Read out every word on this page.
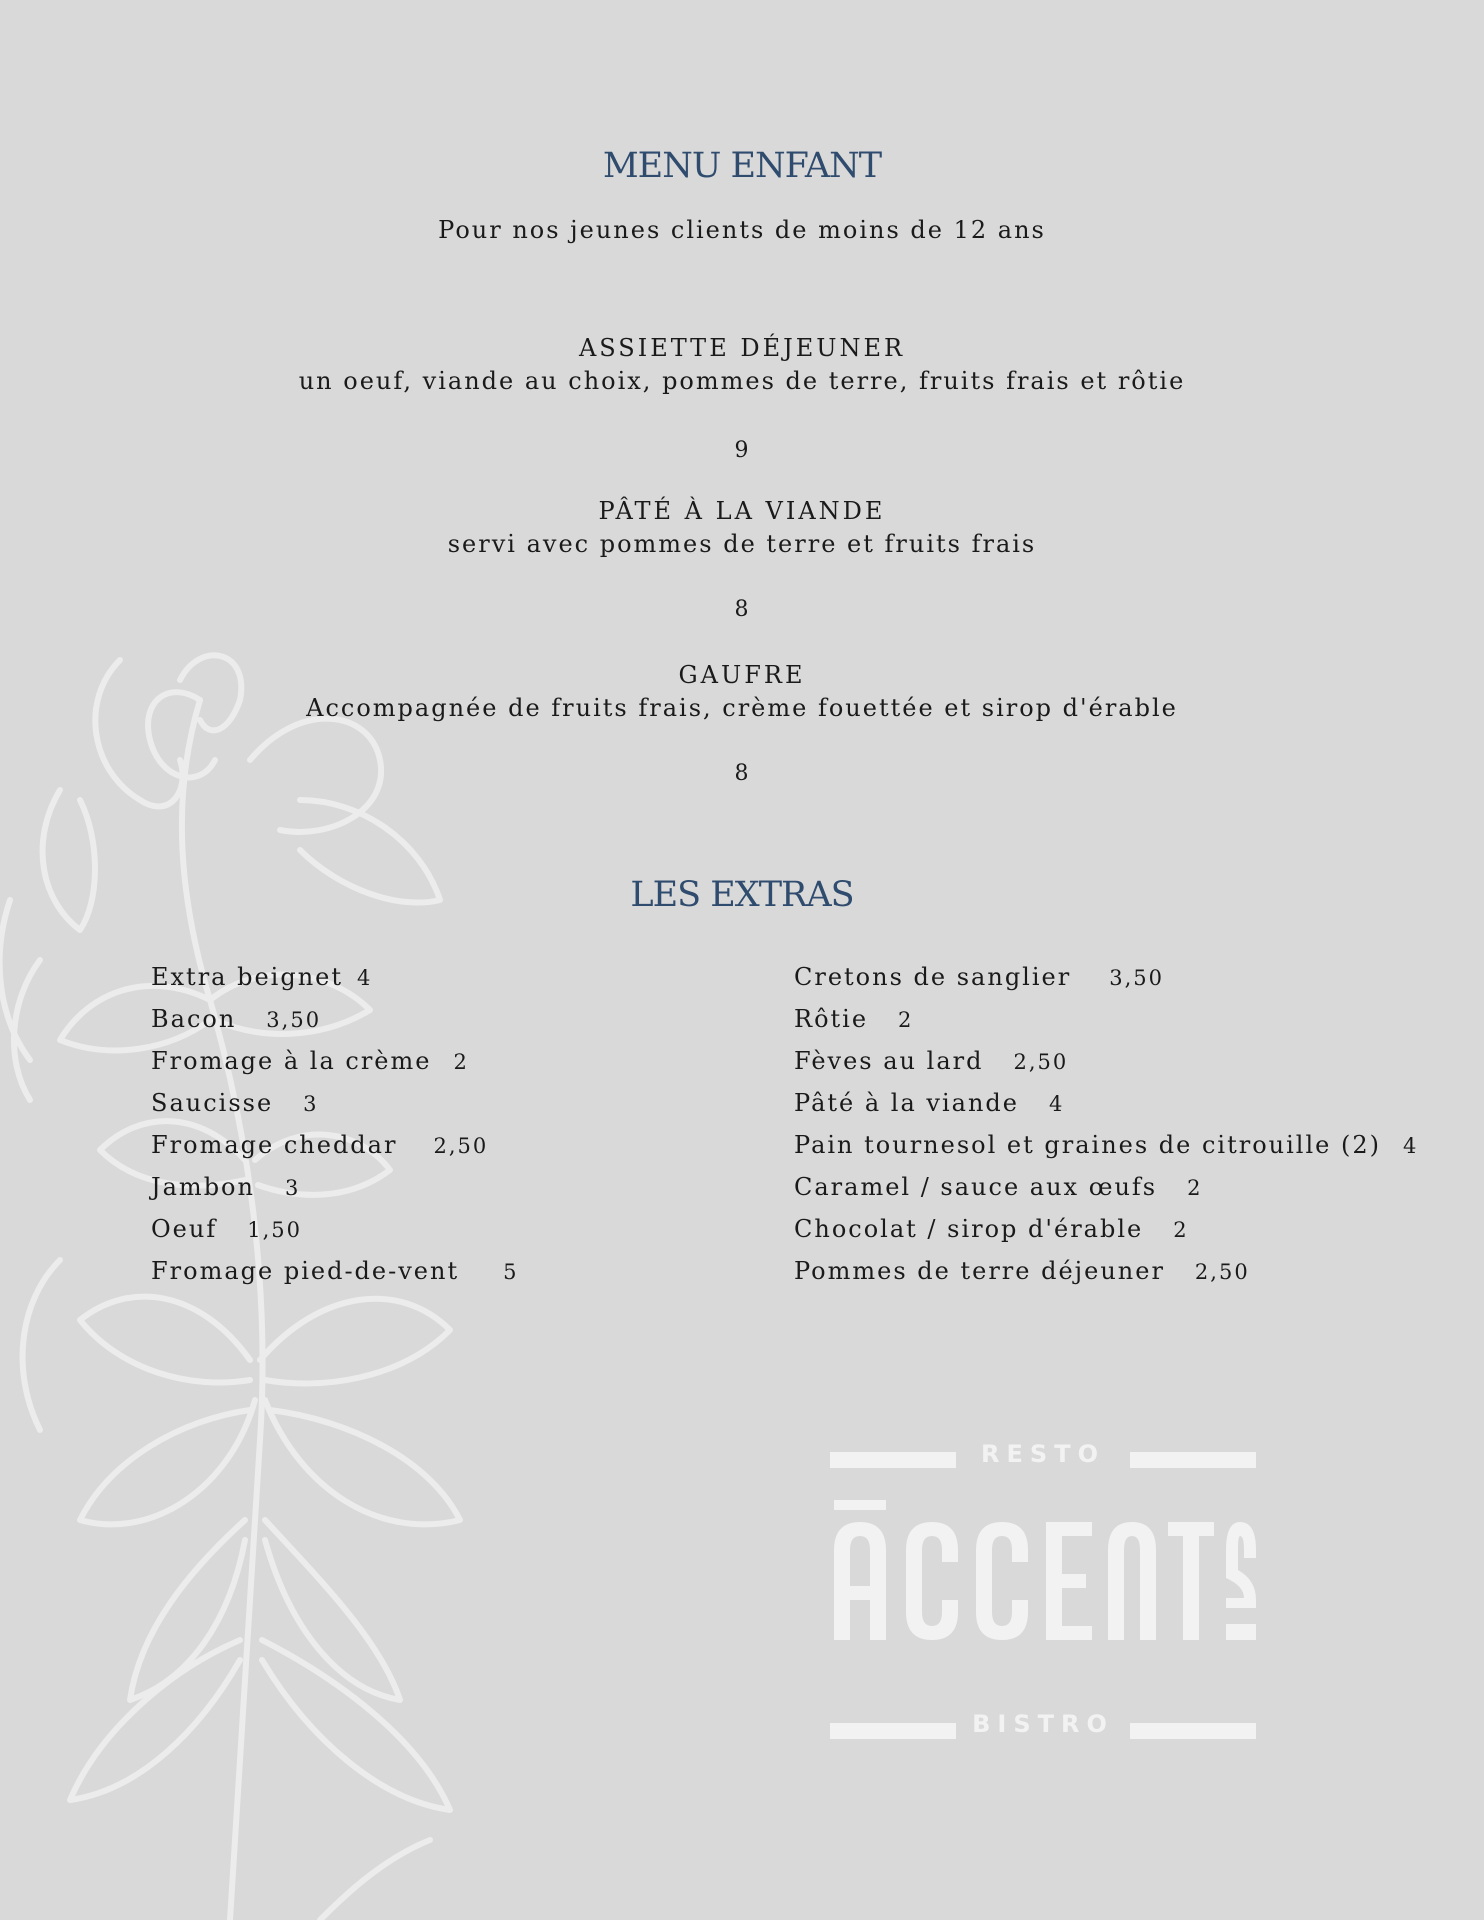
MENU ENFANT
Pour nos jeunes clients de moins de 12 ans
ASSIETTE DÉJEUNER
un oeuf, viande au choix, pommes de terre, fruits frais et rôtie
9
PÂTÉ À LA VIANDE
servi avec pommes de terre et fruits frais
8
GAUFRE
Accompagnée de fruits frais, crème fouettée et sirop d'érable
8
LES EXTRAS
Extra beignet 4
Bacon 3,50
Fromage à la crème 2
Saucisse 3
Fromage cheddar 2,50
Jambon 3
Oeuf 1,50
Fromage pied-de-vent 5
Cretons de sanglier 3,50
Rôtie 2
Fèves au lard 2,50
Pâté à la viande 4
Pain tournesol et graines de citrouille (2) 4
Caramel / sauce aux œufs 2
Chocolat / sirop d'érable 2
Pommes de terre déjeuner 2,50
RESTO
BISTRO
